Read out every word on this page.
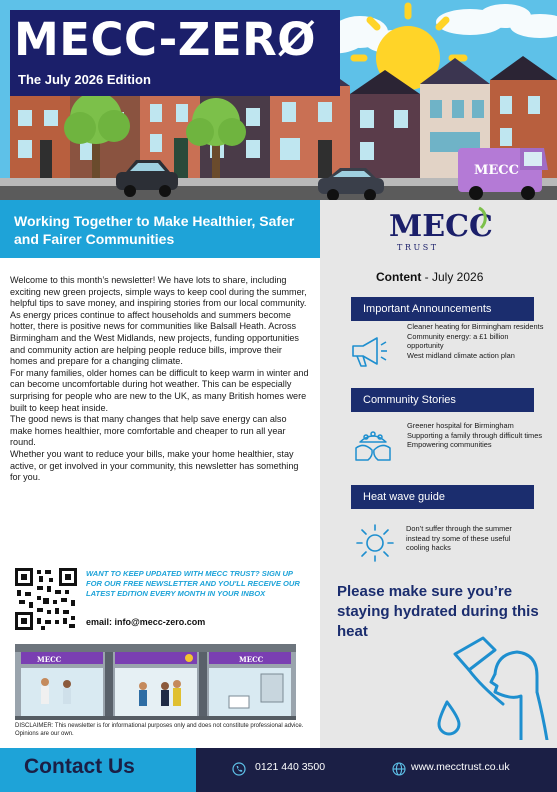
MECC
MECC-ZERØ
The July 2026 Edition
Working Together to Make Healthier, Safer and Fairer Communities

Welcome to this month’s newsletter! We have lots to share, including exciting new green projects, simple ways to keep cool during the summer, helpful tips to save money, and inspiring stories from our local community.

As energy prices continue to affect households and summers become hotter, there is positive news for communities like Balsall Heath. Across Birmingham and the West Midlands, new projects, funding opportunities and community action are helping people reduce bills, improve their homes and prepare for a changing climate.

For many families, older homes can be difficult to keep warm in winter and can become uncomfortable during hot weather. This can be especially surprising for people who are new to the UK, as many British homes were built to keep heat inside.

The good news is that many changes that help save energy can also make homes healthier, more comfortable and cheaper to run all year round.

Whether you want to reduce your bills, make your home healthier, stay active, or get involved in your community, this newsletter has something for you.

WANT TO KEEP UPDATED WITH MECC TRUST? SIGN UP FOR OUR FREE NEWSLETTER AND YOU'LL RECEIVE OUR LATEST EDITION EVERY MONTH IN YOUR INBOX
email: info@mecc-zero.com
MECC	MECC
DISCLAIMER: This newsletter is for informational purposes only and does not constitute professional advice. Opinions are our own.
MECC
T R U S T
Content - July 2026
Important Announcements
Cleaner heating for Birmingham residents
Community energy: a £1 billion opportunity
West midland climate action plan
Community Stories
Greener hospital for Birmingham
Supporting a family through difficult times
Empowering communities
Heat wave guide
Don’t suffer through the summer instead try some of these useful cooling hacks
Please make sure you’re staying hydrated during this heat
Contact Us	0121 440 3500	www.mecctrust.co.uk
